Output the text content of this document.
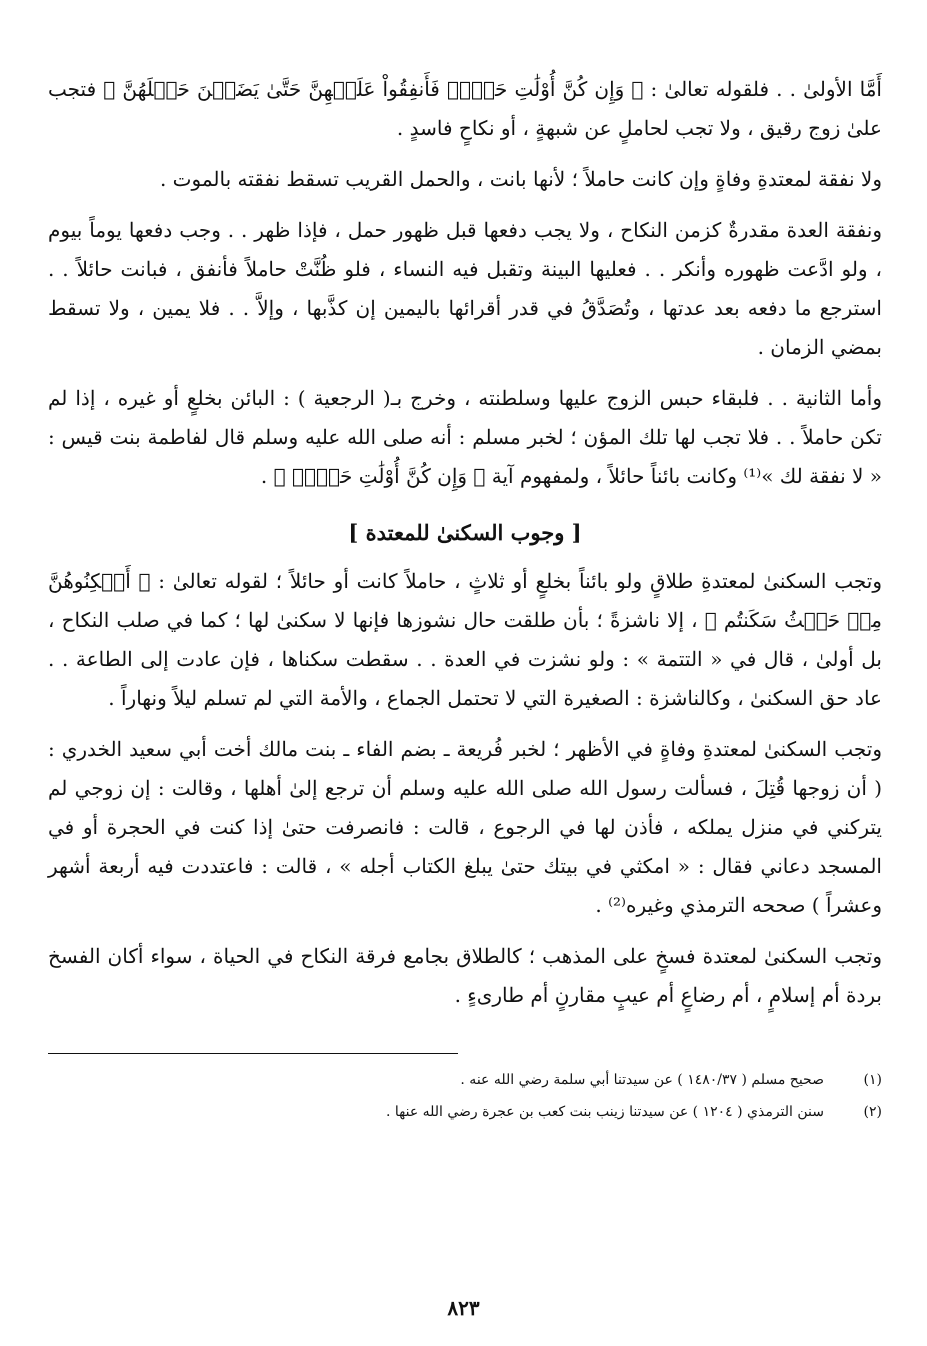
أَمَّا الأولىٰ . . فلقوله تعالىٰ : ﴿ وَإِن كُنَّ أُوْلَٰتِ حَمۡلٖ فَأَنفِقُواْ عَلَيۡهِنَّ حَتَّىٰ يَضَعۡنَ حَمۡلَهُنَّ ﴾ فتجب علىٰ زوج رقيق ، ولا تجب لحاملٍ عن شبهةٍ ، أو نكاحٍ فاسدٍ .

ولا نفقة لمعتدةِ وفاةٍ وإن كانت حاملاً ؛ لأنها بانت ، والحمل القريب تسقط نفقته بالموت .

ونفقة العدة مقدرةٌ كزمن النكاح ، ولا يجب دفعها قبل ظهور حمل ، فإذا ظهر . . وجب دفعها يوماً بيوم ، ولو ادَّعت ظهوره وأنكر . . فعليها البينة وتقبل فيه النساء ، فلو ظُنَّتْ حاملاً فأنفق ، فبانت حائلاً . . استرجع ما دفعه بعد عدتها ، وتُصَدَّقُ في قدر أقرائها باليمين إن كذَّبها ، وإلاَّ . . فلا يمين ، ولا تسقط بمضي الزمان .

وأما الثانية . . فلبقاء حبس الزوج عليها وسلطنته ، وخرج بـ( الرجعية ) : البائن بخلعٍ أو غيره ، إذا لم تكن حاملاً . . فلا تجب لها تلك المؤن ؛ لخبر مسلم : أنه صلى الله عليه وسلم قال لفاطمة بنت قيس : « لا نفقة لك »⁽¹⁾ وكانت بائناً حائلاً ، ولمفهوم آية ﴿ وَإِن كُنَّ أُوْلَٰتِ حَمۡلٖ ﴾ .

[ وجوب السكنىٰ للمعتدة ]

وتجب السكنىٰ لمعتدةِ طلاقٍ ولو بائناً بخلعٍ أو ثلاثٍ ، حاملاً كانت أو حائلاً ؛ لقوله تعالىٰ : ﴿ أَسۡكِنُوهُنَّ مِنۡ حَيۡثُ سَكَنتُم ﴾ ، إلا ناشزةً ؛ بأن طلقت حال نشوزها فإنها لا سكنىٰ لها ؛ كما في صلب النكاح ، بل أولىٰ ، قال في « التتمة » : ولو نشزت في العدة . . سقطت سكناها ، فإن عادت إلى الطاعة . . عاد حق السكنىٰ ، وكالناشزة : الصغيرة التي لا تحتمل الجماع ، والأمة التي لم تسلم ليلاً ونهاراً .

وتجب السكنىٰ لمعتدةِ وفاةٍ في الأظهر ؛ لخبر فُريعة ـ بضم الفاء ـ بنت مالك أخت أبي سعيد الخدري : ( أن زوجها قُتِلَ ، فسألت رسول الله صلى الله عليه وسلم أن ترجع إلىٰ أهلها ، وقالت : إن زوجي لم يتركني في منزل يملكه ، فأذن لها في الرجوع ، قالت : فانصرفت حتىٰ إذا كنت في الحجرة أو في المسجد دعاني فقال : « امكثي في بيتك حتىٰ يبلغ الكتاب أجله » ، قالت : فاعتددت فيه أربعة أشهر وعشراً ) صححه الترمذي وغيره⁽²⁾ .

وتجب السكنىٰ لمعتدة فسخٍ على المذهب ؛ كالطلاق بجامع فرقة النكاح في الحياة ، سواء أكان الفسخ بردة أم إسلامٍ ، أم رضاعٍ أم عيبٍ مقارنٍ أم طارىءٍ .

(١)صحيح مسلم ( ١٤٨٠/٣٧ ) عن سيدتنا أبي سلمة رضي الله عنه .

(٢)سنن الترمذي ( ١٢٠٤ ) عن سيدتنا زينب بنت كعب بن عجرة رضي الله عنها .

٨٢٣
